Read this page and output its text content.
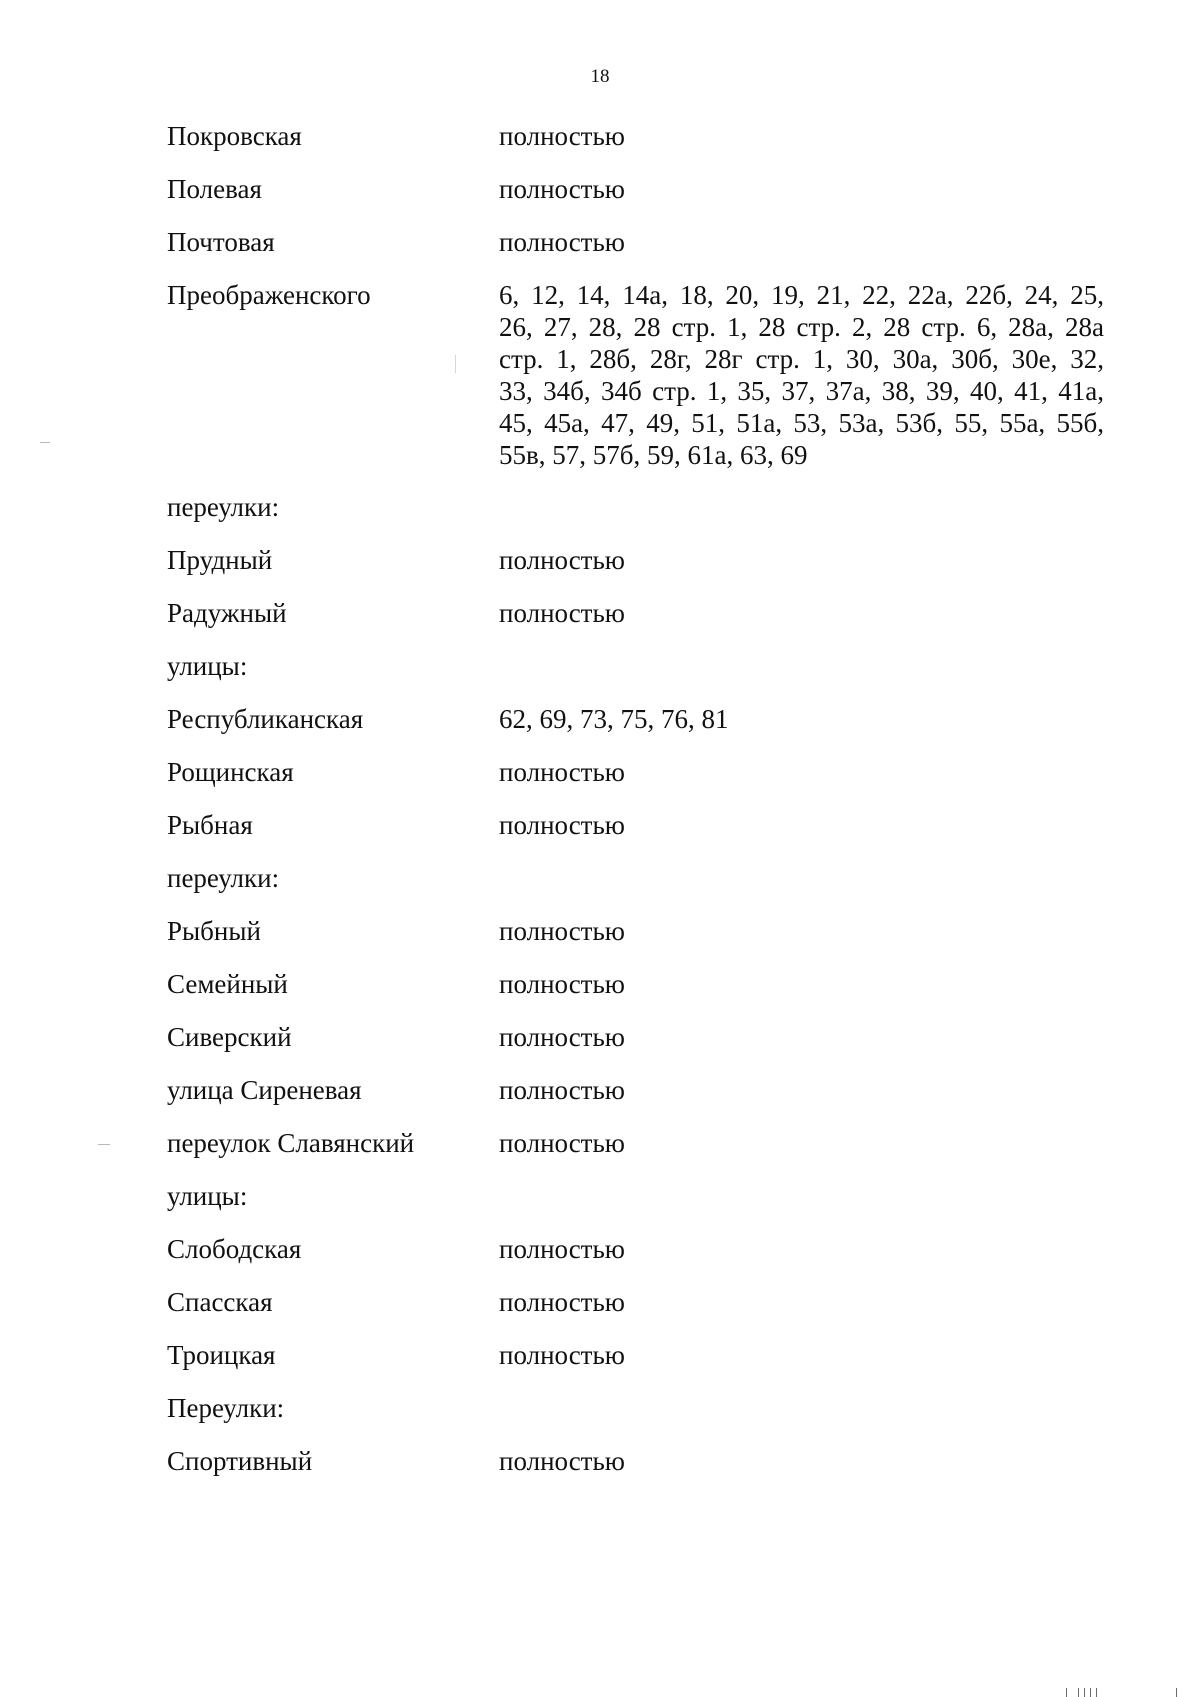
18
Покровская	полностью
Полевая	полностью
Почтовая	полностью
Преображенского	6, 12, 14, 14а, 18, 20, 19, 21, 22, 22а, 22б, 24, 25,
26, 27, 28, 28 стр. 1, 28 стр. 2, 28 стр. 6, 28а, 28а
стр. 1, 28б, 28г, 28г стр. 1, 30, 30а, 30б, 30е, 32,
33, 34б, 34б стр. 1, 35, 37, 37а, 38, 39, 40, 41, 41а,
45, 45а, 47, 49, 51, 51а, 53, 53а, 53б, 55, 55а, 55б,
55в, 57, 57б, 59, 61а, 63, 69
переулки:
Прудный	полностью
Радужный	полностью
улицы:
Республиканская	62, 69, 73, 75, 76, 81
Рощинская	полностью
Рыбная	полностью
переулки:
Рыбный	полностью
Семейный	полностью
Сиверский	полностью
улица Сиреневая	полностью
переулок Славянский	полностью
улицы:
Слободская	полностью
Спасская	полностью
Троицкая	полностью
Переулки:
Спортивный	полностью
